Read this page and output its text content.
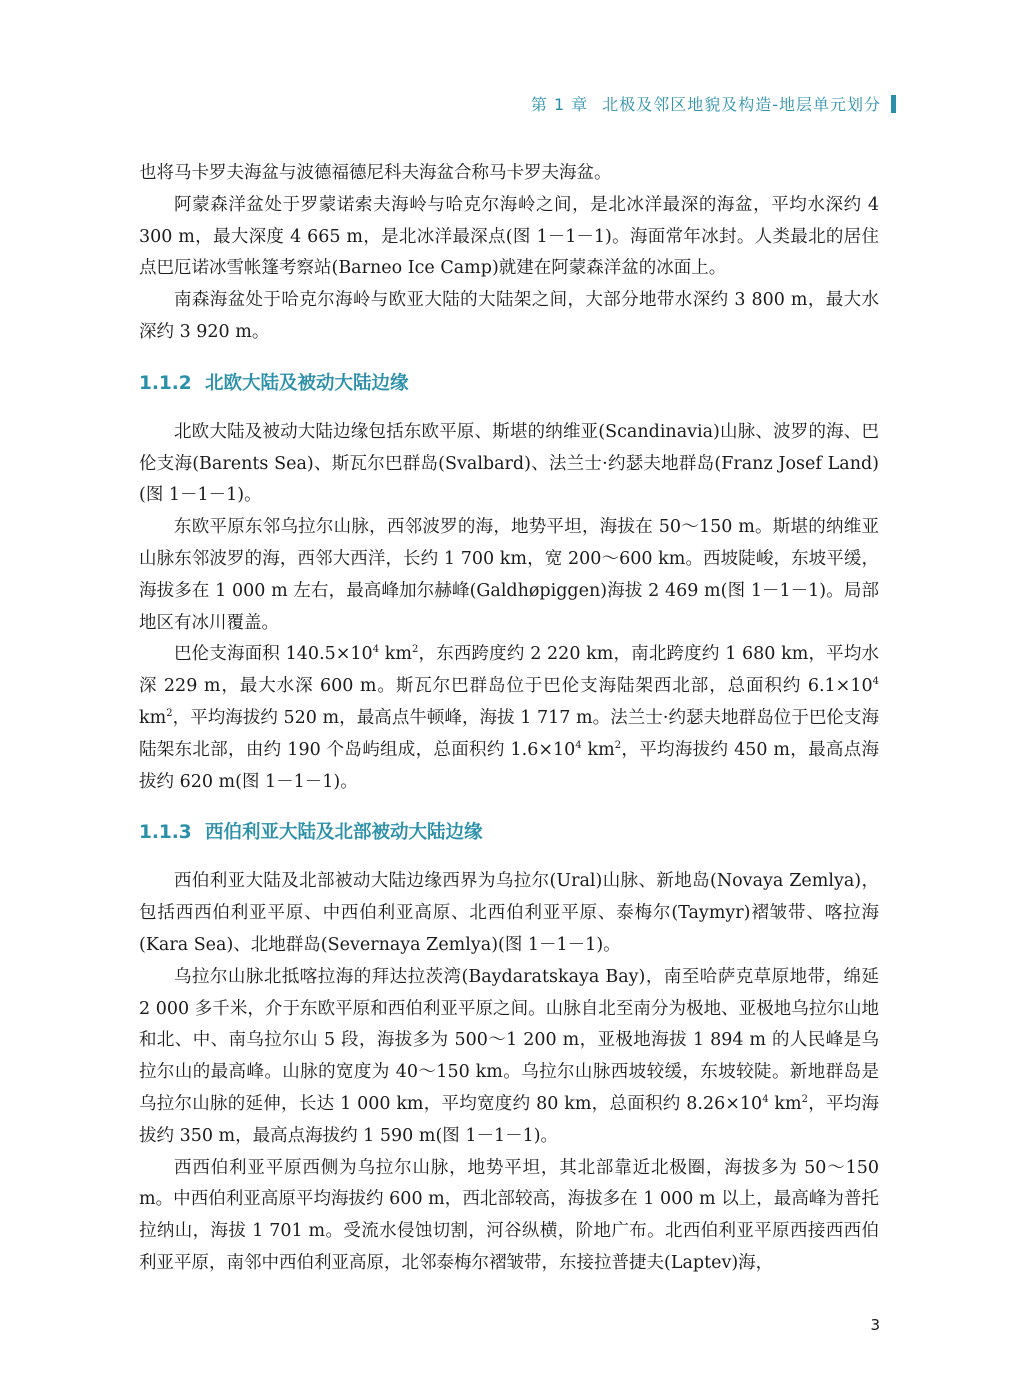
第 1 章 北极及邻区地貌及构造-地层单元划分

也将马卡罗夫海盆与波德福德尼科夫海盆合称马卡罗夫海盆。

阿蒙森洋盆处于罗蒙诺索夫海岭与哈克尔海岭之间，是北冰洋最深的海盆，平均水深约 4 300 m，最大深度 4 665 m，是北冰洋最深点(图 1－1－1)。海面常年冰封。人类最北的居住点巴厄诺冰雪帐篷考察站(Barneo Ice Camp)就建在阿蒙森洋盆的冰面上。

南森海盆处于哈克尔海岭与欧亚大陆的大陆架之间，大部分地带水深约 3 800 m，最大水深约 3 920 m。

1.1.2 北欧大陆及被动大陆边缘

北欧大陆及被动大陆边缘包括东欧平原、斯堪的纳维亚(Scandinavia)山脉、波罗的海、巴伦支海(Barents Sea)、斯瓦尔巴群岛(Svalbard)、法兰士·约瑟夫地群岛(Franz Josef Land)(图 1－1－1)。

东欧平原东邻乌拉尔山脉，西邻波罗的海，地势平坦，海拔在 50～150 m。斯堪的纳维亚山脉东邻波罗的海，西邻大西洋，长约 1 700 km，宽 200～600 km。西坡陡峻，东坡平缓，海拔多在 1 000 m 左右，最高峰加尔赫峰(Galdhøpiggen)海拔 2 469 m(图 1－1－1)。局部地区有冰川覆盖。

巴伦支海面积 $140.5\times 10^4$ $km^2$，东西跨度约 2 220 km，南北跨度约 1 680 km，平均水深 229 m，最大水深 600 m。斯瓦尔巴群岛位于巴伦支海陆架西北部，总面积约 $6.1\times 10^4$ $km^2$，平均海拔约 520 m，最高点牛顿峰，海拔 1 717 m。法兰士·约瑟夫地群岛位于巴伦支海陆架东北部，由约 190 个岛屿组成，总面积约 $1.6\times 10^4$ $km^2$，平均海拔约 450 m，最高点海拔约 620 m(图 1－1－1)。

1.1.3 西伯利亚大陆及北部被动大陆边缘

西伯利亚大陆及北部被动大陆边缘西界为乌拉尔(Ural)山脉、新地岛(Novaya Zemlya)，包括西西伯利亚平原、中西伯利亚高原、北西伯利亚平原、泰梅尔(Taymyr)褶皱带、喀拉海(Kara Sea)、北地群岛(Severnaya Zemlya)(图 1－1－1)。

乌拉尔山脉北抵喀拉海的拜达拉茨湾(Baydaratskaya Bay)，南至哈萨克草原地带，绵延 2 000 多千米，介于东欧平原和西伯利亚平原之间。山脉自北至南分为极地、亚极地乌拉尔山地和北、中、南乌拉尔山 5 段，海拔多为 500～1 200 m，亚极地海拔 1 894 m 的人民峰是乌拉尔山的最高峰。山脉的宽度为 40～150 km。乌拉尔山脉西坡较缓，东坡较陡。新地群岛是乌拉尔山脉的延伸，长达 1 000 km，平均宽度约 80 km，总面积约 $8.26\times 10^4$ $km^2$，平均海拔约 350 m，最高点海拔约 1 590 m(图 1－1－1)。

西西伯利亚平原西侧为乌拉尔山脉，地势平坦，其北部靠近北极圈，海拔多为 50～150 m。中西伯利亚高原平均海拔约 600 m，西北部较高，海拔多在 1 000 m 以上，最高峰为普托拉纳山，海拔 1 701 m。受流水侵蚀切割，河谷纵横，阶地广布。北西伯利亚平原西接西西伯利亚平原，南邻中西伯利亚高原，北邻泰梅尔褶皱带，东接拉普捷夫(Laptev)海，

3
